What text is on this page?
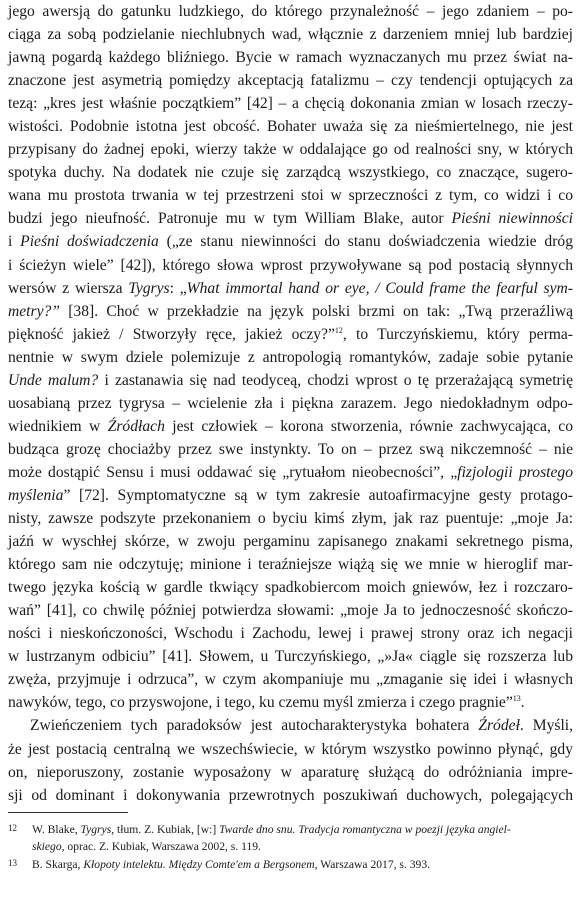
jego awersją do gatunku ludzkiego, do którego przynależność – jego zdaniem – po-
ciąga za sobą podzielanie niechlubnych wad, włącznie z darzeniem mniej lub bardziej
jawną pogardą każdego bliźniego. Bycie w ramach wyznaczanych mu przez świat na-
znaczone jest asymetrią pomiędzy akceptacją fatalizmu – czy tendencji optujących za
tezą: „kres jest właśnie początkiem” [42] – a chęcią dokonania zmian w losach rzeczy-
wistości. Podobnie istotna jest obcość. Bohater uważa się za nieśmiertelnego, nie jest
przypisany do żadnej epoki, wierzy także w oddalające go od realności sny, w których
spotyka duchy. Na dodatek nie czuje się zarządcą wszystkiego, co znaczące, sugero-
wana mu prostota trwania w tej przestrzeni stoi w sprzeczności z tym, co widzi i co
budzi jego nieufność. Patronuje mu w tym William Blake, autor Pieśni niewinności
i Pieśni doświadczenia („ze stanu niewinności do stanu doświadczenia wiedzie dróg
i ścieżyn wiele” [42]), którego słowa wprost przywoływane są pod postacią słynnych
wersów z wiersza Tygrys: „What immortal hand or eye, / Could frame the fearful sym-
metry?” [38]. Choć w przekładzie na język polski brzmi on tak: „Twą przeraźliwą
piękność jakież / Stworzyły ręce, jakież oczy?”$^{12}$, to Turczyńskiemu, który perma-
nentnie w swym dziele polemizuje z antropologią romantyków, zadaje sobie pytanie
Unde malum? i zastanawia się nad teodyceą, chodzi wprost o tę przerażającą symetrię
uosabianą przez tygrysa – wcielenie zła i piękna zarazem. Jego niedokładnym odpo-
wiednikiem w Źródłach jest człowiek – korona stworzenia, równie zachwycająca, co
budząca grozę chociażby przez swe instynkty. To on – przez swą nikczemność – nie
może dostąpić Sensu i musi oddawać się „rytuałom nieobecności”, „fizjologii prostego
myślenia” [72]. Symptomatyczne są w tym zakresie autoafirmacyjne gesty protago-
nisty, zawsze podszyte przekonaniem o byciu kimś złym, jak raz puentuje: „moje Ja:
jaźń w wyschłej skórze, w zwoju pergaminu zapisanego znakami sekretnego pisma,
którego sam nie odczytuję; minione i teraźniejsze wiążą się we mnie w hieroglif mar-
twego języka kością w gardle tkwiący spadkobiercom moich gniewów, łez i rozczaro-
wań” [41], co chwilę później potwierdza słowami: „moje Ja to jednoczesność skończo-
ności i nieskończoności, Wschodu i Zachodu, lewej i prawej strony oraz ich negacji
w lustrzanym odbiciu” [41]. Słowem, u Turczyńskiego, „»Ja« ciągle się rozszerza lub
zwęża, przyjmuje i odrzuca”, w czym akompaniuje mu „zmaganie się idei i własnych
nawyków, tego, co przyswojone, i tego, ku czemu myśl zmierza i czego pragnie”$^{13}$.
Zwieńczeniem tych paradoksów jest autocharakterystyka bohatera Źródeł. Myśli,
że jest postacią centralną we wszechświecie, w którym wszystko powinno płynąć, gdy
on, nieporuszony, zostanie wyposażony w aparaturę służącą do odróżniania impre-
sji od dominant i dokonywania przewrotnych poszukiwań duchowych, polegających
12 W. Blake, Tygrys, tłum. Z. Kubiak, [w:] Twarde dno snu. Tradycja romantyczna w poezji języka angiel-
skiego, oprac. Z. Kubiak, Warszawa 2002, s. 119.
13 B. Skarga, Kłopoty intelektu. Między Comte'em a Bergsonem, Warszawa 2017, s. 393.
